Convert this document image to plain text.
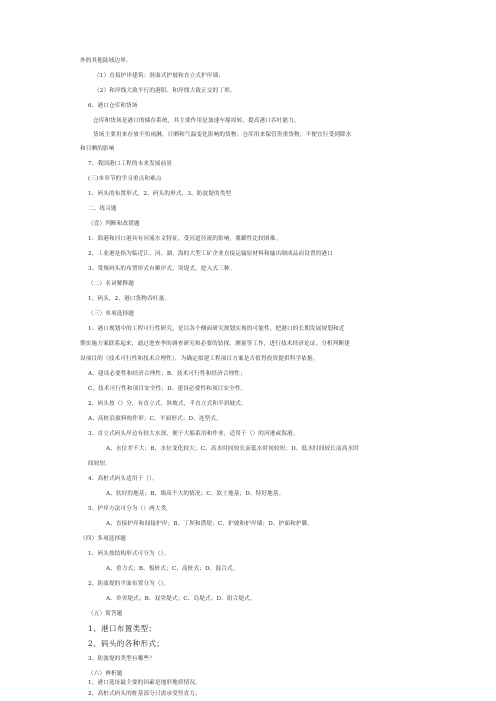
外的其他陆域边界。
（1）直接护岸建筑：斜面式护坡和直立式护岸墙；
（2）和岸线大致平行的港阻、和岸线大致正交的丁坝。
6、港口仓库和货场
仓库和货场是港口的储存系统，其主要作用是加速车船周转，提高港口吞吐能力。
货场主要用来存放不怕雨淋，日晒和气温变化影响的货物；仓库用来保管贵重货物，不便宜行受到降水
和日晒的影响
7、我国港口工程的未来发展前景
(三)本章节的学习重点和难点
1、码头的布置形式，2、码头的形式，3、防波堤的类型
二、练习题
（壹）判断和改错题
1、海港和河口港具有河流水文特征，受河道径流的影响，冀御性比较困难。
2、工业港是指为临近江、河、湖、海的大型工矿企业直接运输原材料和输出制成品而设置的港口
3、常规码头的布置形式有顺岸式，突堤式，挖入式三种。
（二）名词解释题
1、码头，2、港口货物吞吐量。
（三）单项选择题
1、港口规划中的工程可行性研究，是以各个侧面研究规划实现的可能性，把港口的长期发展规划和近
期实施方案联系起来，通过进查李的调查研究和必要的钻探，测量等工作，进行技术经济论证，分析判断建
设项目的（技术可行性和技术合理性），为确定拟建工程项目方案是否值得投资提供科学依据。
A、建设必要性和经济合理性；B、技术可行性和经济合理性；
C、技术可行性和项目安全性；D、建设必要性和项目安全性。
2、码头按（）分，有直立式、斜坡式，半直立式和半斜坡式。
A、高桩沿旅料构件形；C、平面形式；D、连型式。
3、直立式码头岸边有较大水深，便于大船系泊和作业，适用于（）的河港或海港。
A、水位差不大；B、水位变化较大；C、高水时间较长而低水时间较短；D、低水时间较长而高水时
间较短。
4、高桩式码头适用于（）。
A、软好的地基；B、墙高不大的情况；C、软土地基；D、特好地基。
5、护岸方法可分为（）两大类。
A、直接护岸和间接护岸；B、丁坝和潜堤；C、护坡和护岸墙；D、护面和护脚。
（四）多项选择题
1、码头按结构形式可分为（）。
A、重力式；B、板桩式；C、高桩式；D、混合式。
2、防波堤的平面布置分为（）。
A、单突堤式；B、双突堤式；C、岛堤式；D、组合堤式。
（五）简答题
1、港口布置类型；
2、码头的各种形式；
3、防波堤的类型有哪些？
（六）辨析题
1、港口选址最主要的因素是地形地质情况。
2、高桩式码头的桩基部分只需承受竖直力。
